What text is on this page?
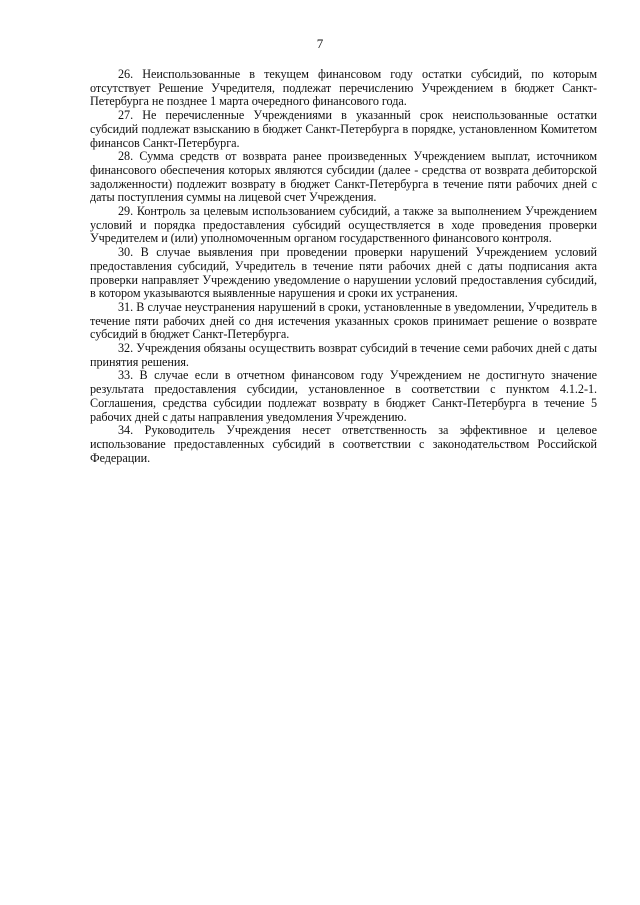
7

26. Неиспользованные в текущем финансовом году остатки субсидий, по которым отсутствует Решение Учредителя, подлежат перечислению Учреждением в бюджет Санкт-Петербурга не позднее 1 марта очередного финансового года.

27. Не перечисленные Учреждениями в указанный срок неиспользованные остатки субсидий подлежат взысканию в бюджет Санкт-Петербурга в порядке, установленном Комитетом финансов Санкт-Петербурга.

28. Сумма средств от возврата ранее произведенных Учреждением выплат, источником финансового обеспечения которых являются субсидии (далее - средства от возврата дебиторской задолженности) подлежит возврату в бюджет Санкт-Петербурга в течение пяти рабочих дней с даты поступления суммы на лицевой счет Учреждения.

29. Контроль за целевым использованием субсидий, а также за выполнением Учреждением условий и порядка предоставления субсидий осуществляется в ходе проведения проверки Учредителем и (или) уполномоченным органом государственного финансового контроля.

30. В случае выявления при проведении проверки нарушений Учреждением условий предоставления субсидий, Учредитель в течение пяти рабочих дней с даты подписания акта проверки направляет Учреждению уведомление о нарушении условий предоставления субсидий, в котором указываются выявленные нарушения и сроки их устранения.

31. В случае неустранения нарушений в сроки, установленные в уведомлении, Учредитель в течение пяти рабочих дней со дня истечения указанных сроков принимает решение о возврате субсидий в бюджет Санкт-Петербурга.

32. Учреждения обязаны осуществить возврат субсидий в течение семи рабочих дней с даты принятия решения.

33. В случае если в отчетном финансовом году Учреждением не достигнуто значение результата предоставления субсидии, установленное в соответствии с пунктом 4.1.2-1. Соглашения, средства субсидии подлежат возврату в бюджет Санкт-Петербурга в течение 5 рабочих дней с даты направления уведомления Учреждению.

34. Руководитель Учреждения несет ответственность за эффективное и целевое использование предоставленных субсидий в соответствии с законодательством Российской Федерации.
